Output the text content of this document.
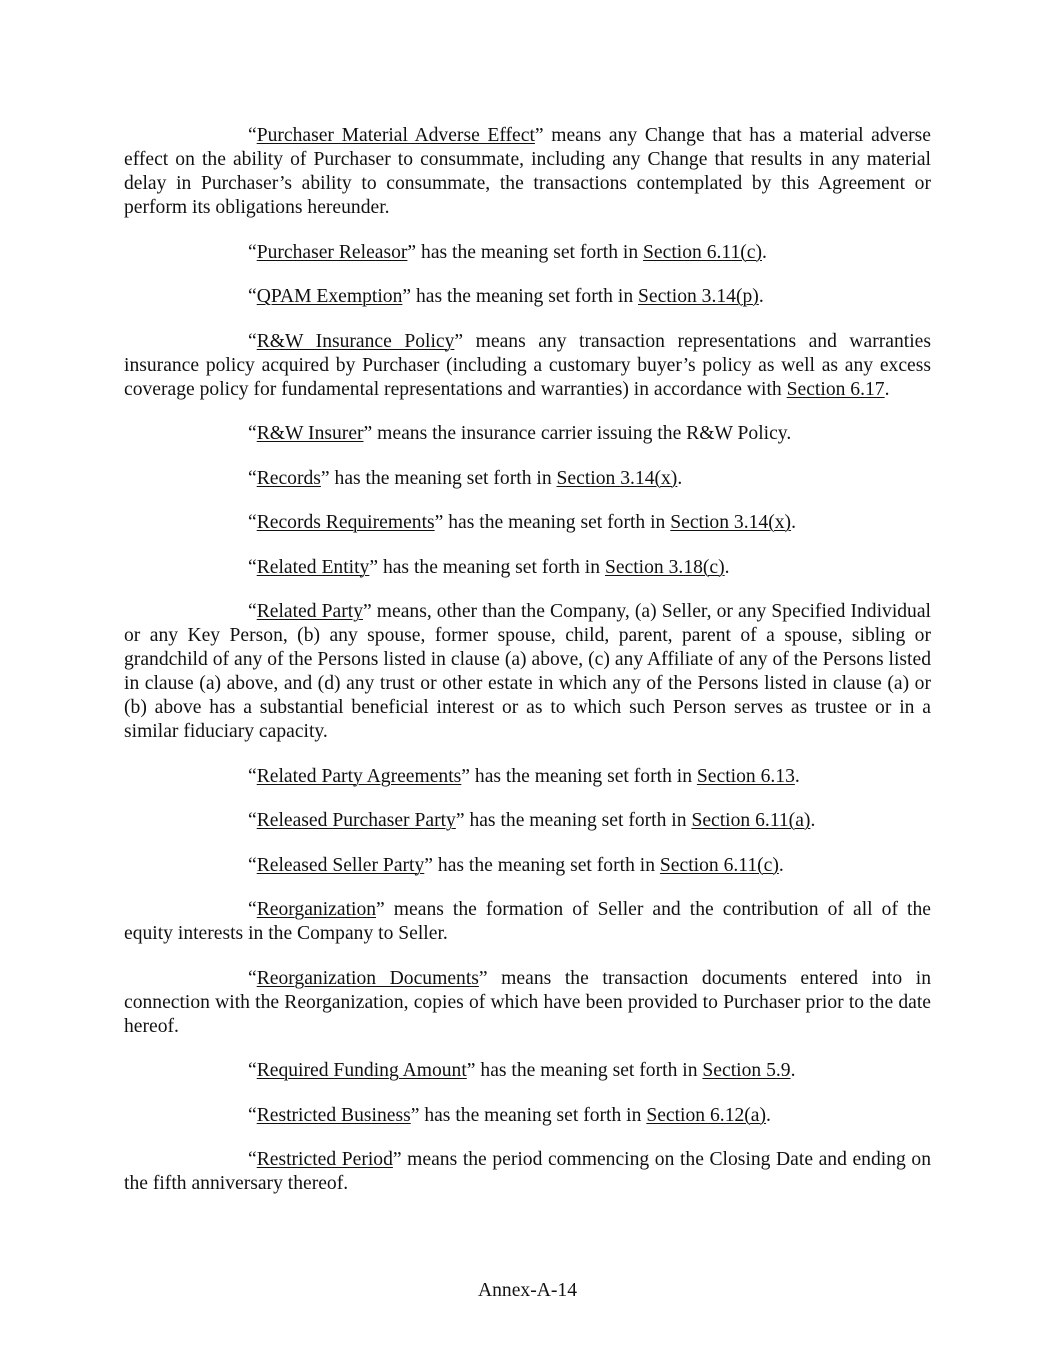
“Purchaser Material Adverse Effect” means any Change that has a material adverse effect on the ability of Purchaser to consummate, including any Change that results in any material delay in Purchaser’s ability to consummate, the transactions contemplated by this Agreement or perform its obligations hereunder.

“Purchaser Releasor” has the meaning set forth in Section 6.11(c).

“QPAM Exemption” has the meaning set forth in Section 3.14(p).

“R&W Insurance Policy” means any transaction representations and warranties insurance policy acquired by Purchaser (including a customary buyer’s policy as well as any excess coverage policy for fundamental representations and warranties) in accordance with Section 6.17.

“R&W Insurer” means the insurance carrier issuing the R&W Policy.

“Records” has the meaning set forth in Section 3.14(x).

“Records Requirements” has the meaning set forth in Section 3.14(x).

“Related Entity” has the meaning set forth in Section 3.18(c).

“Related Party” means, other than the Company, (a) Seller, or any Specified Individual or any Key Person, (b) any spouse, former spouse, child, parent, parent of a spouse, sibling or grandchild of any of the Persons listed in clause (a) above, (c) any Affiliate of any of the Persons listed in clause (a) above, and (d) any trust or other estate in which any of the Persons listed in clause (a) or (b) above has a substantial beneficial interest or as to which such Person serves as trustee or in a similar fiduciary capacity.

“Related Party Agreements” has the meaning set forth in Section 6.13.

“Released Purchaser Party” has the meaning set forth in Section 6.11(a).

“Released Seller Party” has the meaning set forth in Section 6.11(c).

“Reorganization” means the formation of Seller and the contribution of all of the equity interests in the Company to Seller.

“Reorganization Documents” means the transaction documents entered into in connection with the Reorganization, copies of which have been provided to Purchaser prior to the date hereof.

“Required Funding Amount” has the meaning set forth in Section 5.9.

“Restricted Business” has the meaning set forth in Section 6.12(a).

“Restricted Period” means the period commencing on the Closing Date and ending on the fifth anniversary thereof.

Annex-A-14
